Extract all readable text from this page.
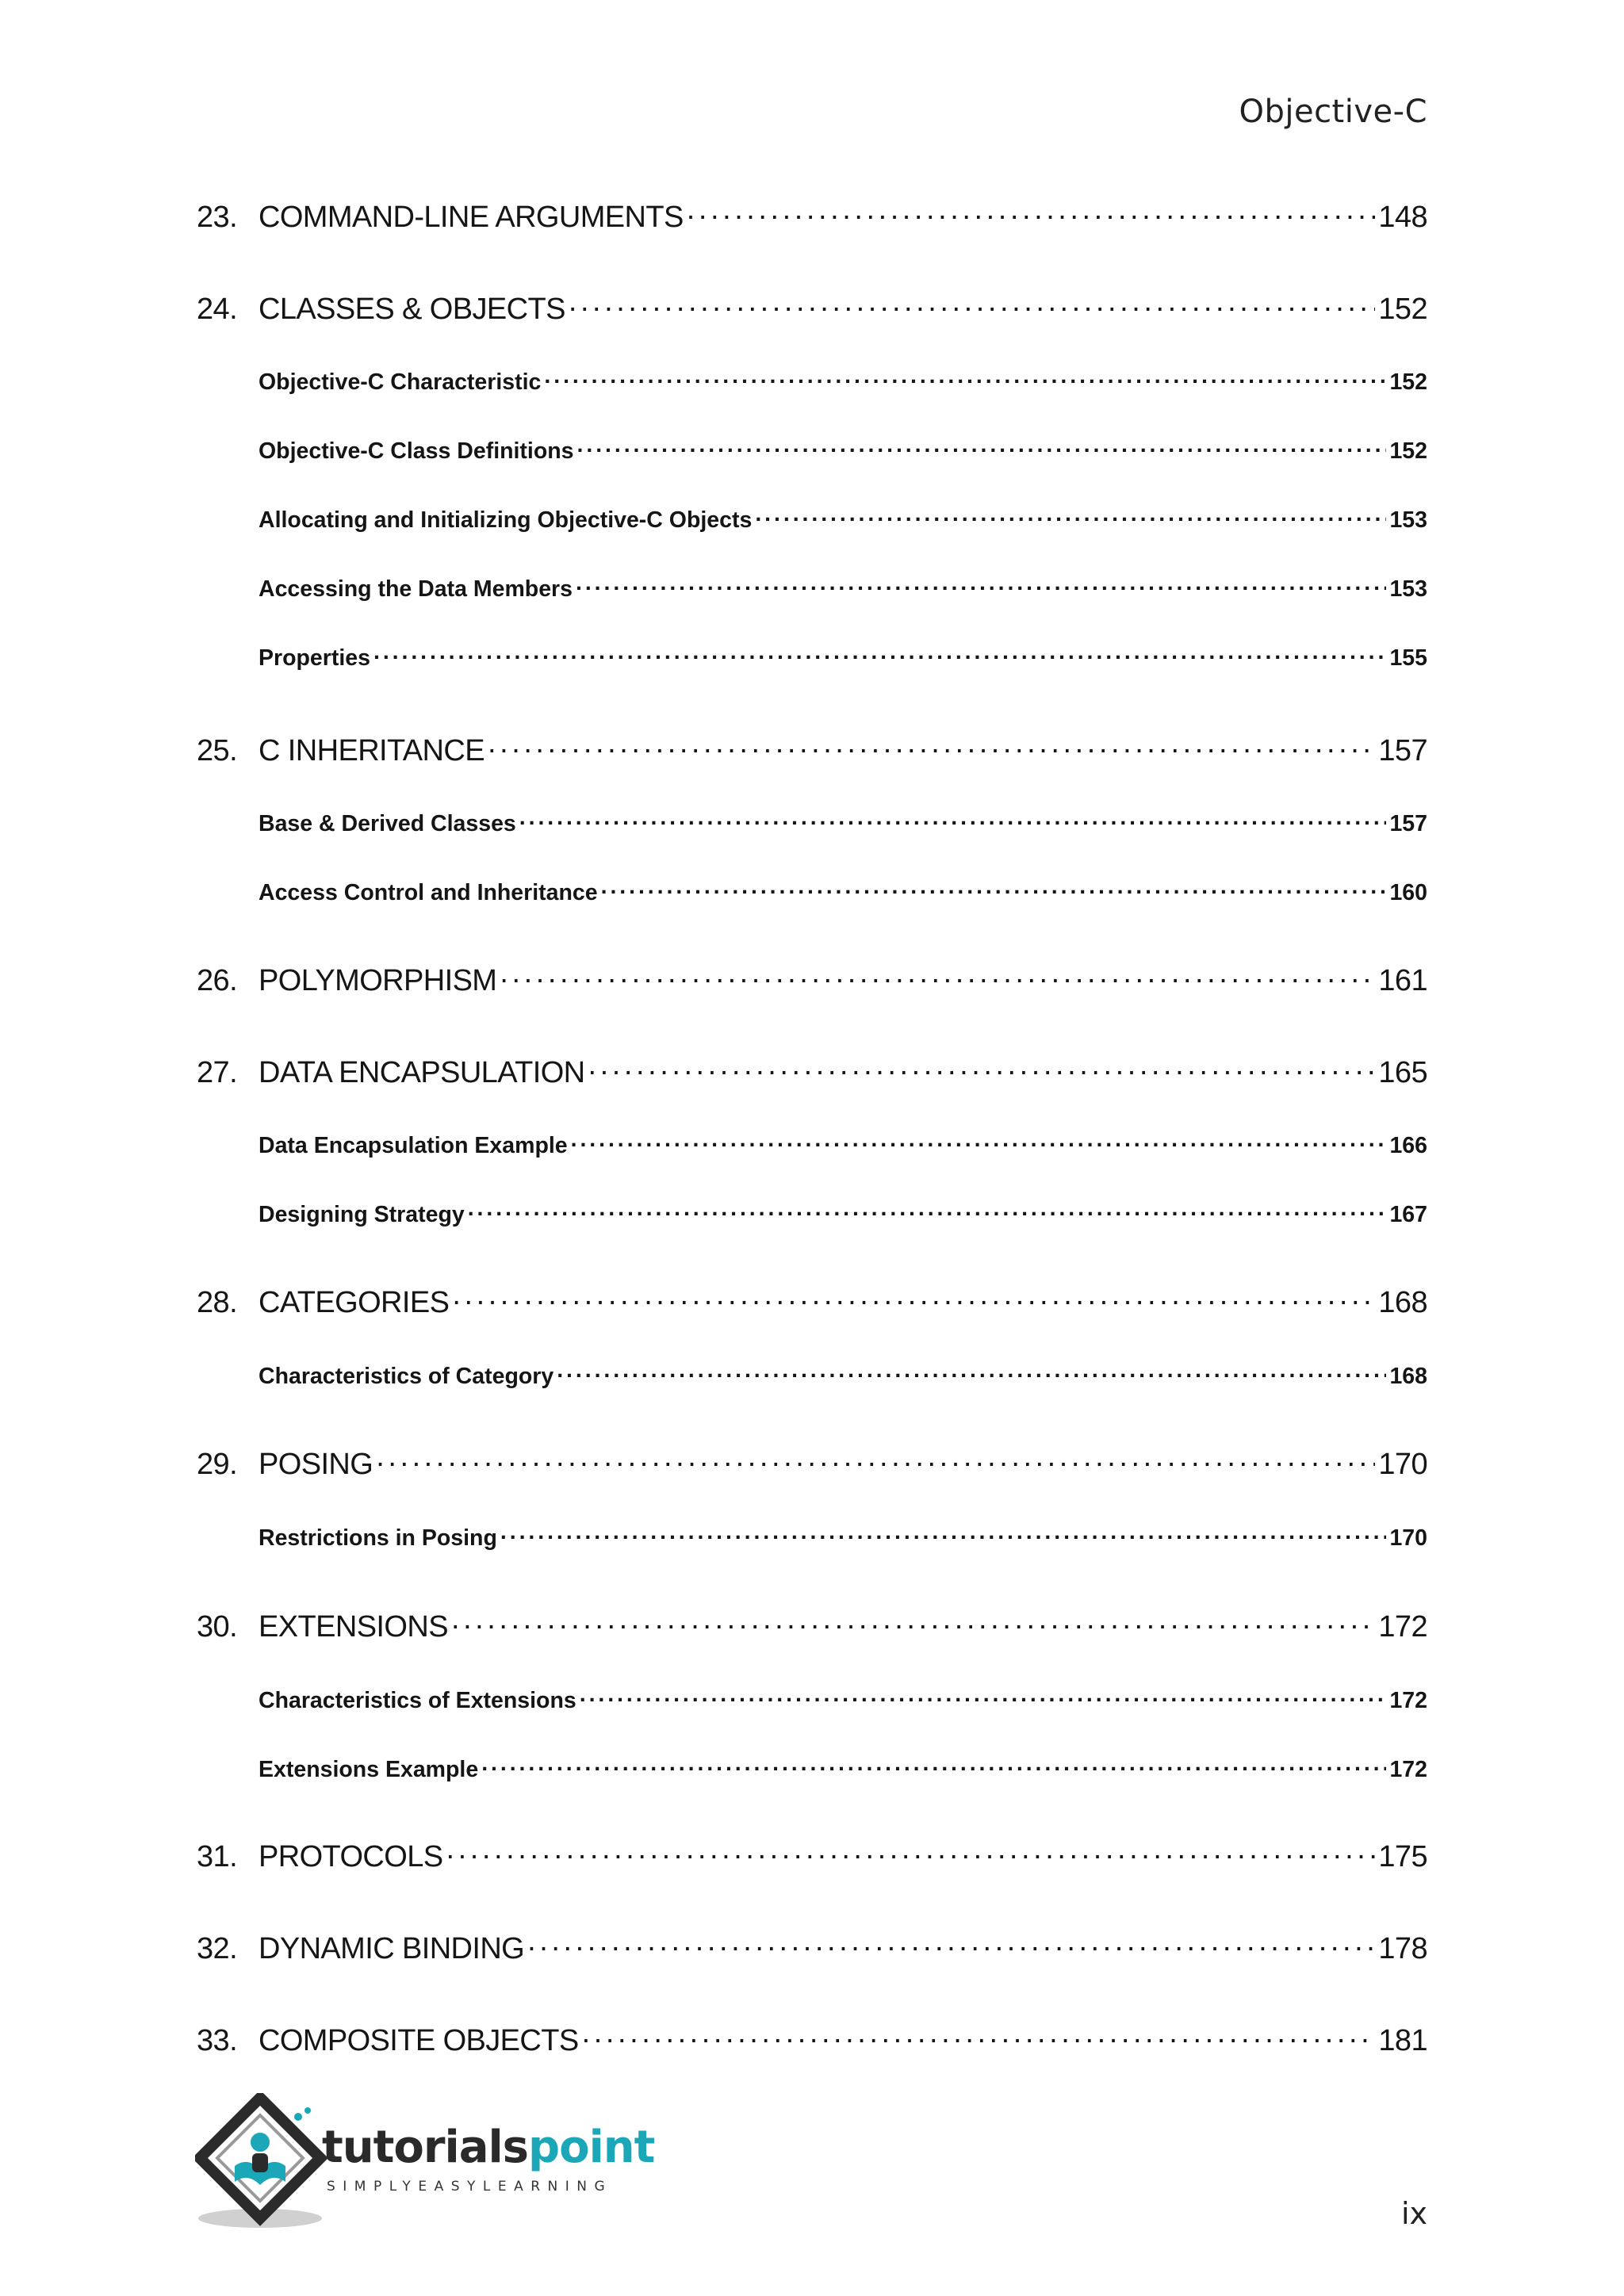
Objective-C
23. COMMAND-LINE ARGUMENTS . . .	148
24. CLASSES & OBJECTS . . .	152
Objective-C Characteristic . . .	152
Objective-C Class Definitions . . .	152
Allocating and Initializing Objective-C Objects . . .	153
Accessing the Data Members . . .	153
Properties . . .	155
25. C INHERITANCE . . .	157
Base & Derived Classes . . .	157
Access Control and Inheritance . . .	160
26. POLYMORPHISM . . .	161
27. DATA ENCAPSULATION . . .	165
Data Encapsulation Example . . .	166
Designing Strategy . . .	167
28. CATEGORIES . . .	168
Characteristics of Category . . .	168
29. POSING . . .	170
Restrictions in Posing . . .	170
30. EXTENSIONS . . .	172
Characteristics of Extensions . . .	172
Extensions Example . . .	172
31. PROTOCOLS . . .	175
32. DYNAMIC BINDING . . .	178
33. COMPOSITE OBJECTS . . .	181
tutorialspoint
SIMPLYEASYLEARNING
ix
